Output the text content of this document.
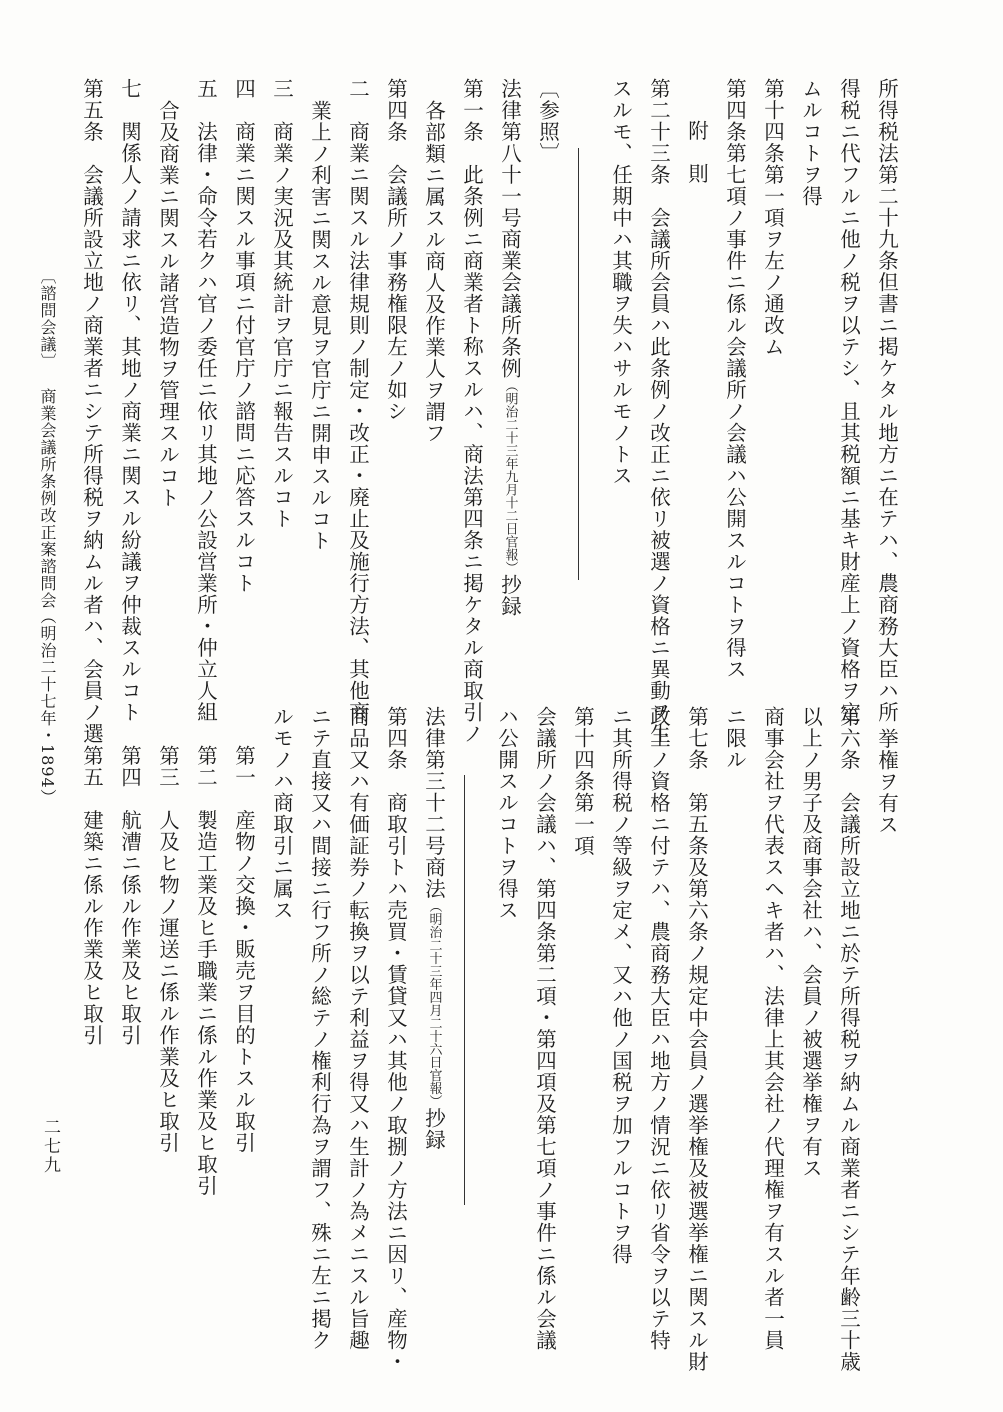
所得税法第二十九条但書ニ掲ケタル地方ニ在テハ、農商務大臣ハ所
得税ニ代フルニ他ノ税ヲ以テシ、且其税額ニ基キ財産上ノ資格ヲ定
ムルコトヲ得
第十四条第一項ヲ左ノ通改ム
第四条第七項ノ事件ニ係ル会議所ノ会議ハ公開スルコトヲ得ス
附　則
第二十三条　会議所会員ハ此条例ノ改正ニ依リ被選ノ資格ニ異動ヲ生
スルモ、任期中ハ其職ヲ失ハサルモノトス
〔参照〕
法律第八十一号商業会議所条例（明治二十三年九月十二日官報）抄録
第一条　此条例ニ商業者ト称スルハ、商法第四条ニ掲ケタル商取引ノ
各部類ニ属スル商人及作業人ヲ謂フ
第四条　会議所ノ事務権限左ノ如シ
二　商業ニ関スル法律規則ノ制定・改正・廃止及施行方法、其他商
業上ノ利害ニ関スル意見ヲ官庁ニ開申スルコト
三　商業ノ実況及其統計ヲ官庁ニ報告スルコト
四　商業ニ関スル事項ニ付官庁ノ諮問ニ応答スルコト
五　法律・命令若クハ官ノ委任ニ依リ其地ノ公設営業所・仲立人組
合及商業ニ関スル諸営造物ヲ管理スルコト
七　関係人ノ請求ニ依リ、其地ノ商業ニ関スル紛議ヲ仲裁スルコト
第五条　会議所設立地ノ商業者ニシテ所得税ヲ納ムル者ハ、会員ノ選
〔諮問会議〕
商業会議所条例改正案諮問会
（明治二十七年・1894）	挙権ヲ有ス
第六条　会議所設立地ニ於テ所得税ヲ納ムル商業者ニシテ年齢三十歳
以上ノ男子及商事会社ハ、会員ノ被選挙権ヲ有ス
商事会社ヲ代表スヘキ者ハ、法律上其会社ノ代理権ヲ有スル者一員
ニ限ル
第七条　第五条及第六条ノ規定中会員ノ選挙権及被選挙権ニ関スル財
政上ノ資格ニ付テハ、農商務大臣ハ地方ノ情況ニ依リ省令ヲ以テ特
ニ其所得税ノ等級ヲ定メ、又ハ他ノ国税ヲ加フルコトヲ得
第十四条第一項
会議所ノ会議ハ、第四条第二項・第四項及第七項ノ事件ニ係ル会議
ハ公開スルコトヲ得ス
法律第三十二号商法（明治二十三年四月二十六日官報）抄録
第四条　商取引トハ売買・賃貸又ハ其他ノ取捌ノ方法ニ因リ、産物・
商品又ハ有価証券ノ転換ヲ以テ利益ヲ得又ハ生計ノ為メニスル旨趣
ニテ直接又ハ間接ニ行フ所ノ総テノ権利行為ヲ謂フ、殊ニ左ニ掲ク
ルモノハ商取引ニ属ス
第一　産物ノ交換・販売ヲ目的トスル取引
第二　製造工業及ヒ手職業ニ係ル作業及ヒ取引
第三　人及ヒ物ノ運送ニ係ル作業及ヒ取引
第四　航漕ニ係ル作業及ヒ取引
第五　建築ニ係ル作業及ヒ取引
二七九
